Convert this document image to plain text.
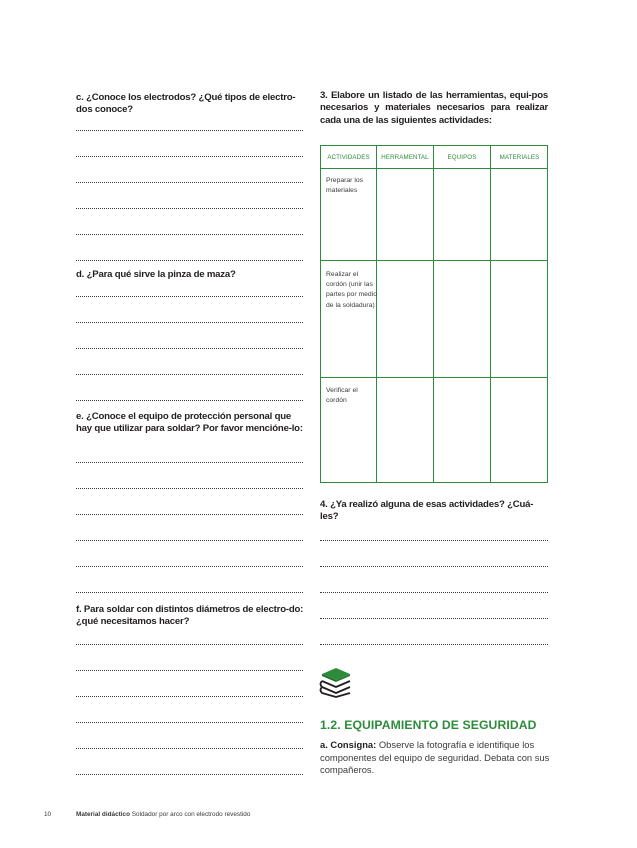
c. ¿Conoce los electrodos? ¿Qué tipos de electro-dos conoce?
d. ¿Para qué sirve la pinza de maza?
e. ¿Conoce el equipo de protección personal que hay que utilizar para soldar? Por favor mencióne-lo:
f. Para soldar con distintos diámetros de electro-do: ¿qué necesitamos hacer?
3. Elabore un listado de las herramientas, equi-pos necesarios y materiales necesarios para realizar cada una de las siguientes actividades:
ACTIVIDADES	HERRAMENTAL	EQUIPOS	MATERIALES
Preparar los materiales
Realizar el cordón (unir las partes por medio de la soldadura)
Verificar el cordón
4. ¿Ya realizó alguna de esas actividades? ¿Cuá-les?
1.2. EQUIPAMIENTO DE SEGURIDAD
a. Consigna: Observe la fotografía e identifique los componentes del equipo de seguridad. Debata con sus compañeros.
10	Material didáctico Soldador por arco con electrodo revestido
